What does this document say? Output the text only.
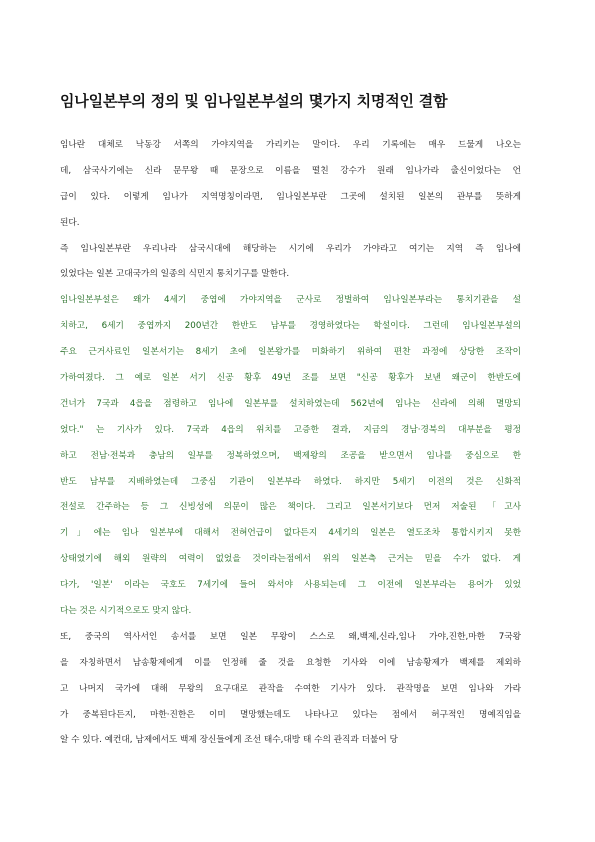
임나일본부의 정의 및 임나일본부설의 몇가지 치명적인 결함
임나란 대체로 낙동강 서쪽의 가야지역을 가리키는 말이다. 우리 기록에는 매우 드물게 나오는
데, 삼국사기에는 신라 문무왕 때 문장으로 이름을 떨친 강수가 원래 임나가라 출신이었다는 언
급이 있다. 이렇게 임나가 지역명칭이라면, 임나일본부란 그곳에 설치된 일본의 관부를 뜻하게
된다.
즉 임나일본부란 우리나라 삼국시대에 해당하는 시기에 우리가 가야라고 여기는 지역 즉 임나에
있었다는 일본 고대국가의 일종의 식민지 통치기구를 말한다.
임나일본부설은 왜가 4세기 중엽에 가야지역을 군사로 정벌하여 임나일본부라는 통치기관을 설
치하고, 6세기 중엽까지 200년간 한반도 남부를 경영하였다는 학설이다. 그런데 임나일본부설의
주요 근거사료인 일본서기는 8세기 초에 일본왕가를 미화하기 위하여 편찬 과정에 상당한 조작이
가하여졌다. 그 예로 일본 서기 신공 황후 49년 조를 보면 "신공 황후가 보낸 왜군이 한반도에
건너가 7국과 4읍을 점령하고 임나에 일본부를 설치하였는데 562년에 임나는 신라에 의해 멸망되
었다." 는 기사가 있다. 7국과 4읍의 위치를 고증한 결과, 지금의 경남·경북의 대부분을 평정
하고 전남·전북과 충남의 일부를 정복하였으며, 백제왕의 조공을 받으면서 임나를 중심으로 한
반도 남부를 지배하였는데 그중심 기관이 일본부라 하였다. 하지만 5세기 이전의 것은 신화적
전설로 간주하는 등 그 신빙성에 의문이 많은 책이다. 그리고 일본서기보다 먼저 저술된 「고사
기」에는 임나 일본부에 대해서 전혀언급이 없다든지 4세기의 일본은 열도조차 통합시키지 못한
상태였기에 해외 원략의 여력이 없었을 것이라는점에서 위의 일본측 근거는 믿을 수가 없다. 게
다가, '일본' 이라는 국호도 7세기에 들어 와서야 사용되는데 그 이전에 일본부라는 용어가 있었
다는 것은 시기적으로도 맞지 않다.
또, 중국의 역사서인 송서를 보면 일본 무왕이 스스로 왜,백제,신라,임나 가야,진한,마한 7국왕
을 자칭하면서 남송황제에게 이를 인정해 줄 것을 요청한 기사와 이에 남송황제가 백제를 제외하
고 나머지 국가에 대해 무왕의 요구대로 관작을 수여한 기사가 있다. 관작명을 보면 임나와 가라
가 중복된다든지, 마한·진한은 이미 멸망했는데도 나타나고 있다는 점에서 허구적인 명예직임을
알 수 있다. 예컨대, 남제에서도 백제 장신들에게 조선 태수,대방 태 수의 관직과 더불어 당
